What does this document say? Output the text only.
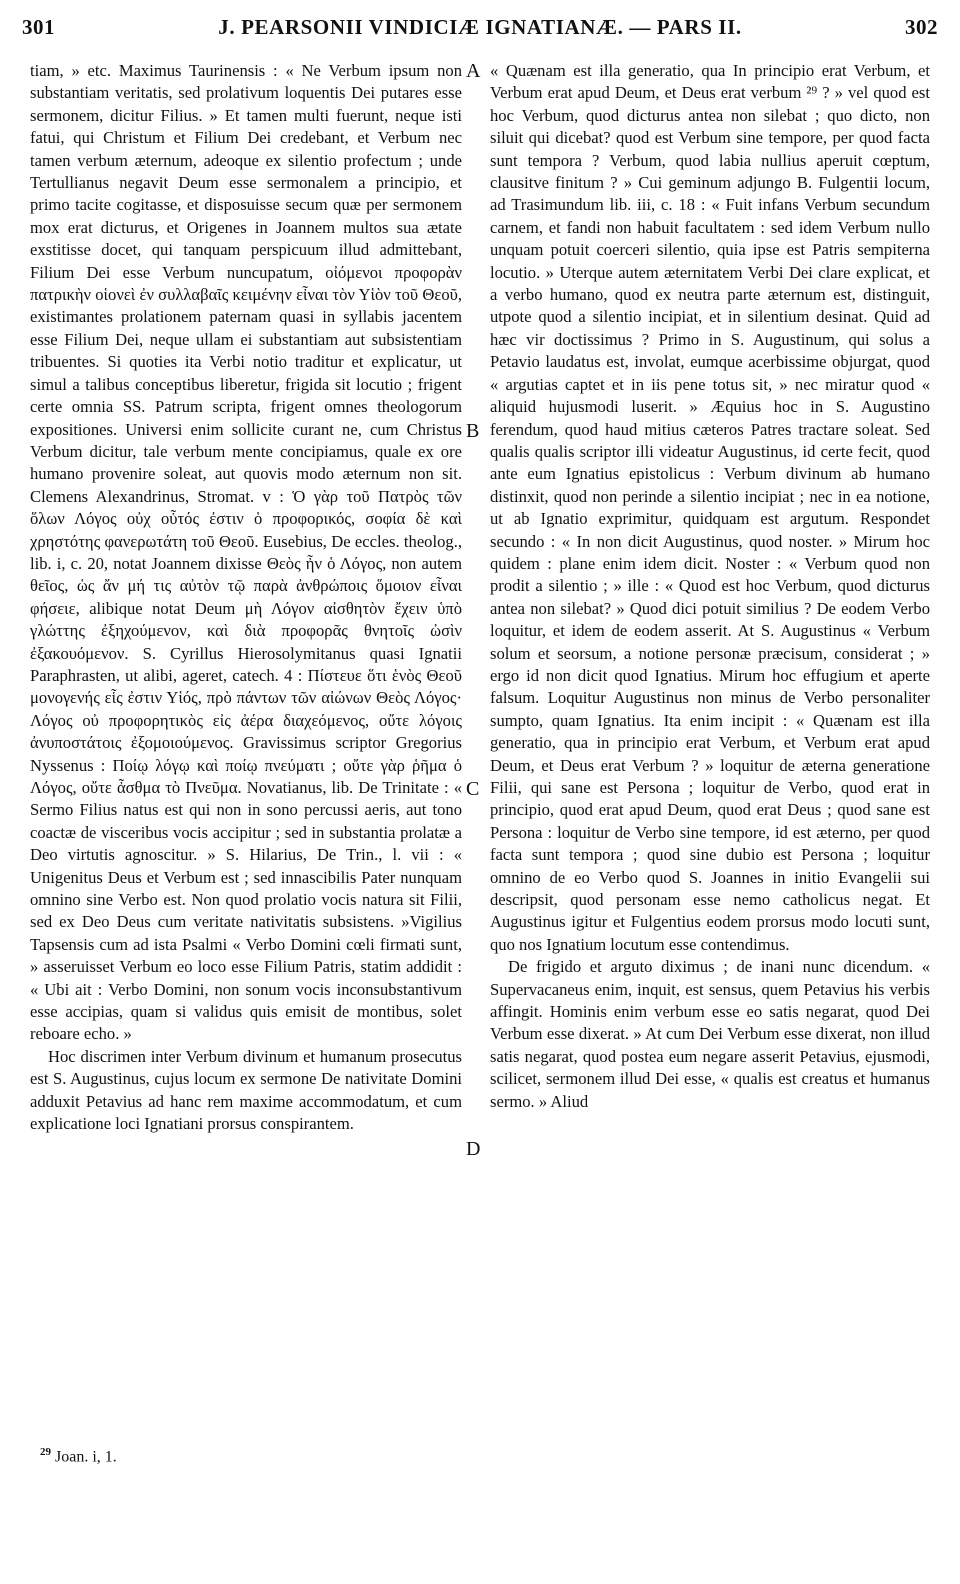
301	J. PEARSONII VINDICIÆ IGNATIANÆ. — PARS II.	302
A
B
C
D

tiam, » etc. Maximus Taurinensis : « Ne Verbum ipsum non substantiam veritatis, sed prolativum loquentis Dei putares esse sermonem, dicitur Filius. » Et tamen multi fuerunt, neque isti fatui, qui Christum et Filium Dei credebant, et Verbum nec tamen verbum æternum, adeoque ex silentio profectum ; unde Tertullianus negavit Deum esse sermonalem a principio, et primo tacite cogitasse, et disposuisse secum quæ per sermonem mox erat dicturus, et Origenes in Joannem multos sua ætate exstitisse docet, qui tanquam perspicuum illud admittebant, Filium Dei esse Verbum nuncupatum, οἰόμενοι προφορὰν πατρικὴν οἱονεὶ ἐν συλλαβαῖς κειμένην εἶναι τὸν Υἱὸν τοῦ Θεοῦ, existimantes prolationem paternam quasi in syllabis jacentem esse Filium Dei, neque ullam ei substantiam aut subsistentiam tribuentes. Si quoties ita Verbi notio traditur et explicatur, ut simul a talibus conceptibus liberetur, frigida sit locutio ; frigent certe omnia SS. Patrum scripta, frigent omnes theologorum expositiones. Universi enim sollicite curant ne, cum Christus Verbum dicitur, tale verbum mente concipiamus, quale ex ore humano provenire soleat, aut quovis modo æternum non sit. Clemens Alexandrinus, Stromat. v : Ὁ γὰρ τοῦ Πατρὸς τῶν ὅλων Λόγος οὐχ οὗτός ἐστιν ὁ προφορικός, σοφία δὲ καὶ χρηστότης φανερωτάτη τοῦ Θεοῦ. Eusebius, De eccles. theolog., lib. i, c. 20, notat Joannem dixisse Θεὸς ἦν ὁ Λόγος, non autem θεῖος, ὡς ἄν μή τις αὐτὸν τῷ παρὰ ἀνθρώποις ὅμοιον εἶναι φήσειε, alibique notat Deum μὴ Λόγον αἰσθητὸν ἔχειν ὑπὸ γλώττης ἐξηχούμενον, καὶ διὰ προφορᾶς θνητοῖς ὠσὶν ἐξακουόμενον. S. Cyrillus Hierosolymitanus quasi Ignatii Paraphrasten, ut alibi, ageret, catech. 4 : Πίστευε ὅτι ἑνὸς Θεοῦ μονογενής εἷς ἐστιν Υἱός, πρὸ πάντων τῶν αἰώνων Θεὸς Λόγος· Λόγος οὐ προφορητικὸς εἰς ἀέρα διαχεόμενος, οὔτε λόγοις ἀνυποστάτοις ἐξομοιούμενος. Gravissimus scriptor Gregorius Nyssenus : Ποίῳ λόγῳ καὶ ποίῳ πνεύματι ; οὔτε γὰρ ῥῆμα ὁ Λόγος, οὔτε ἆσθμα τὸ Πνεῦμα. Novatianus, lib. De Trinitate : « Sermo Filius natus est qui non in sono percussi aeris, aut tono coactæ de visceribus vocis accipitur ; sed in substantia prolatæ a Deo virtutis agnoscitur. » S. Hilarius, De Trin., l. vii : « Unigenitus Deus et Verbum est ; sed innascibilis Pater nunquam omnino sine Verbo est. Non quod prolatio vocis natura sit Filii, sed ex Deo Deus cum veritate nativitatis subsistens. »Vigilius Tapsensis cum ad ista Psalmi « Verbo Domini cœli firmati sunt, » asseruisset Verbum eo loco esse Filium Patris, statim addidit : « Ubi ait : Verbo Domini, non sonum vocis inconsubstantivum esse accipias, quam si validus quis emisit de montibus, solet reboare echo. »

Hoc discrimen inter Verbum divinum et humanum prosecutus est S. Augustinus, cujus locum ex sermone De nativitate Domini adduxit Petavius ad hanc rem maxime accommodatum, et cum explicatione loci Ignatiani prorsus conspirantem.

« Quænam est illa generatio, qua In principio erat Verbum, et Verbum erat apud Deum, et Deus erat verbum ²⁹ ? » vel quod est hoc Verbum, quod dicturus antea non silebat ; quo dicto, non siluit qui dicebat? quod est Verbum sine tempore, per quod facta sunt tempora ? Verbum, quod labia nullius aperuit cœptum, clausitve finitum ? » Cui geminum adjungo B. Fulgentii locum, ad Trasimundum lib. iii, c. 18 : « Fuit infans Verbum secundum carnem, et fandi non habuit facultatem : sed idem Verbum nullo unquam potuit coerceri silentio, quia ipse est Patris sempiterna locutio. » Uterque autem æternitatem Verbi Dei clare explicat, et a verbo humano, quod ex neutra parte æternum est, distinguit, utpote quod a silentio incipiat, et in silentium desinat. Quid ad hæc vir doctissimus ? Primo in S. Augustinum, qui solus a Petavio laudatus est, involat, eumque acerbissime objurgat, quod « argutias captet et in iis pene totus sit, » nec miratur quod « aliquid hujusmodi luserit. » Æquius hoc in S. Augustino ferendum, quod haud mitius cæteros Patres tractare soleat. Sed qualis qualis scriptor illi videatur Augustinus, id certe fecit, quod ante eum Ignatius epistolicus : Verbum divinum ab humano distinxit, quod non perinde a silentio incipiat ; nec in ea notione, ut ab Ignatio exprimitur, quidquam est argutum. Respondet secundo : « In non dicit Augustinus, quod noster. » Mirum hoc quidem : plane enim idem dicit. Noster : « Verbum quod non prodit a silentio ; » ille : « Quod est hoc Verbum, quod dicturus antea non silebat? » Quod dici potuit similius ? De eodem Verbo loquitur, et idem de eodem asserit. At S. Augustinus « Verbum solum et seorsum, a notione personæ præcisum, considerat ; » ergo id non dicit quod Ignatius. Mirum hoc effugium et aperte falsum. Loquitur Augustinus non minus de Verbo personaliter sumpto, quam Ignatius. Ita enim incipit : « Quænam est illa generatio, qua in principio erat Verbum, et Verbum erat apud Deum, et Deus erat Verbum ? » loquitur de æterna generatione Filii, qui sane est Persona ; loquitur de Verbo, quod erat in principio, quod erat apud Deum, quod erat Deus ; quod sane est Persona : loquitur de Verbo sine tempore, id est æterno, per quod facta sunt tempora ; quod sine dubio est Persona ; loquitur omnino de eo Verbo quod S. Joannes in initio Evangelii sui descripsit, quod personam esse nemo catholicus negat. Et Augustinus igitur et Fulgentius eodem prorsus modo locuti sunt, quo nos Ignatium locutum esse contendimus.

De frigido et arguto diximus ; de inani nunc dicendum. « Supervacaneus enim, inquit, est sensus, quem Petavius his verbis affingit. Hominis enim verbum esse eo satis negarat, quod Dei Verbum esse dixerat. » At cum Dei Verbum esse dixerat, non illud satis negarat, quod postea eum negare asserit Petavius, ejusmodi, scilicet, sermonem illud Dei esse, « qualis est creatus et humanus sermo. » Aliud

$^{29}$ Joan. i, 1.
